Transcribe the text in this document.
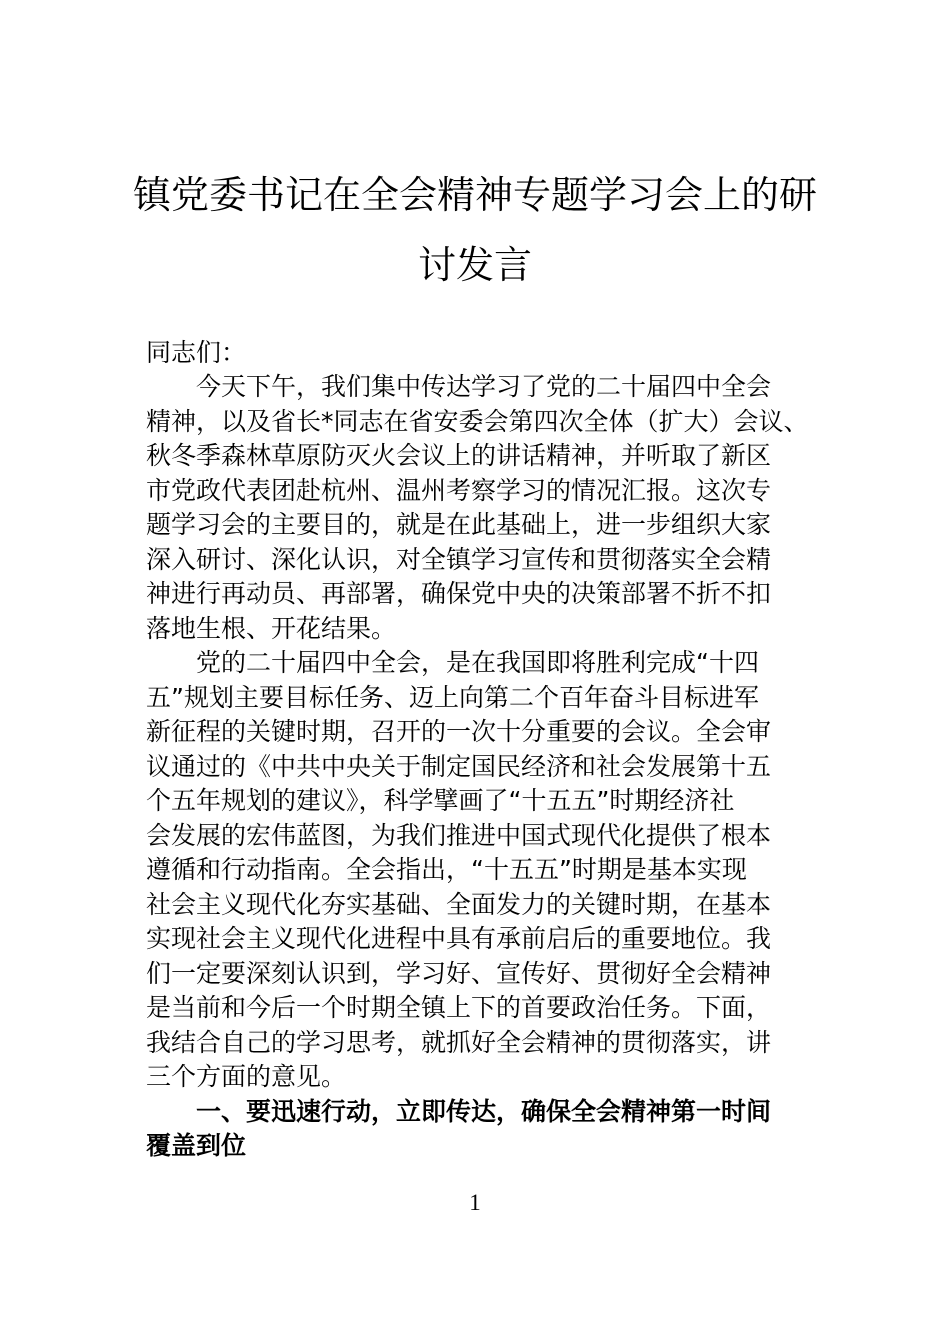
镇党委书记在全会精神专题学习会上的研
讨发言
同志们：
　　今天下午，我们集中传达学习了党的二十届四中全会
精神，以及省长*同志在省安委会第四次全体（扩大）会议、
秋冬季森林草原防灭火会议上的讲话精神，并听取了新区
市党政代表团赴杭州、温州考察学习的情况汇报。这次专
题学习会的主要目的，就是在此基础上，进一步组织大家
深入研讨、深化认识，对全镇学习宣传和贯彻落实全会精
神进行再动员、再部署，确保党中央的决策部署不折不扣
落地生根、开花结果。
　　党的二十届四中全会，是在我国即将胜利完成“十四
五”规划主要目标任务、迈上向第二个百年奋斗目标进军
新征程的关键时期，召开的一次十分重要的会议。全会审
议通过的《中共中央关于制定国民经济和社会发展第十五
个五年规划的建议》，科学擘画了“十五五”时期经济社
会发展的宏伟蓝图，为我们推进中国式现代化提供了根本
遵循和行动指南。全会指出，“十五五”时期是基本实现
社会主义现代化夯实基础、全面发力的关键时期，在基本
实现社会主义现代化进程中具有承前启后的重要地位。我
们一定要深刻认识到，学习好、宣传好、贯彻好全会精神
是当前和今后一个时期全镇上下的首要政治任务。下面，
我结合自己的学习思考，就抓好全会精神的贯彻落实，讲
三个方面的意见。
　　一、要迅速行动，立即传达，确保全会精神第一时间
覆盖到位
1
